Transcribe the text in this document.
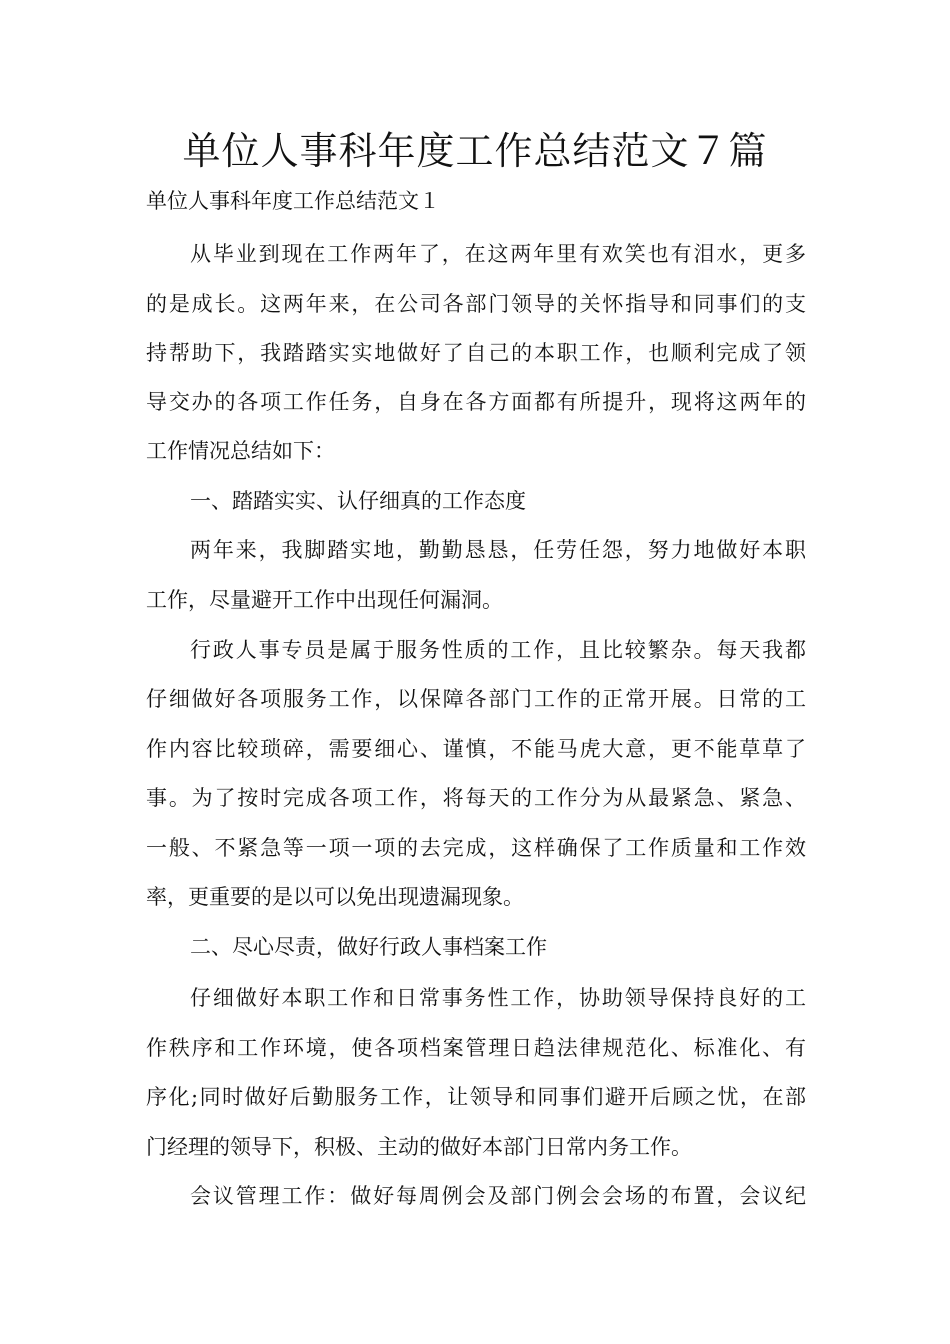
单位人事科年度工作总结范文７篇

单位人事科年度工作总结范文１

从毕业到现在工作两年了，在这两年里有欢笑也有泪水，更多

的是成长。这两年来，在公司各部门领导的关怀指导和同事们的支

持帮助下，我踏踏实实地做好了自己的本职工作，也顺利完成了领

导交办的各项工作任务，自身在各方面都有所提升，现将这两年的

工作情况总结如下：

一、踏踏实实、认仔细真的工作态度

两年来，我脚踏实地，勤勤恳恳，任劳任怨，努力地做好本职

工作，尽量避开工作中出现任何漏洞。

行政人事专员是属于服务性质的工作，且比较繁杂。每天我都

仔细做好各项服务工作，以保障各部门工作的正常开展。日常的工

作内容比较琐碎，需要细心、谨慎，不能马虎大意，更不能草草了

事。为了按时完成各项工作，将每天的工作分为从最紧急、紧急、

一般、不紧急等一项一项的去完成，这样确保了工作质量和工作效

率，更重要的是以可以免出现遗漏现象。

二、尽心尽责，做好行政人事档案工作

仔细做好本职工作和日常事务性工作，协助领导保持良好的工

作秩序和工作环境，使各项档案管理日趋法律规范化、标准化、有

序化;同时做好后勤服务工作，让领导和同事们避开后顾之忧，在部

门经理的领导下，积极、主动的做好本部门日常内务工作。

会议管理工作：做好每周例会及部门例会会场的布置，会议纪
